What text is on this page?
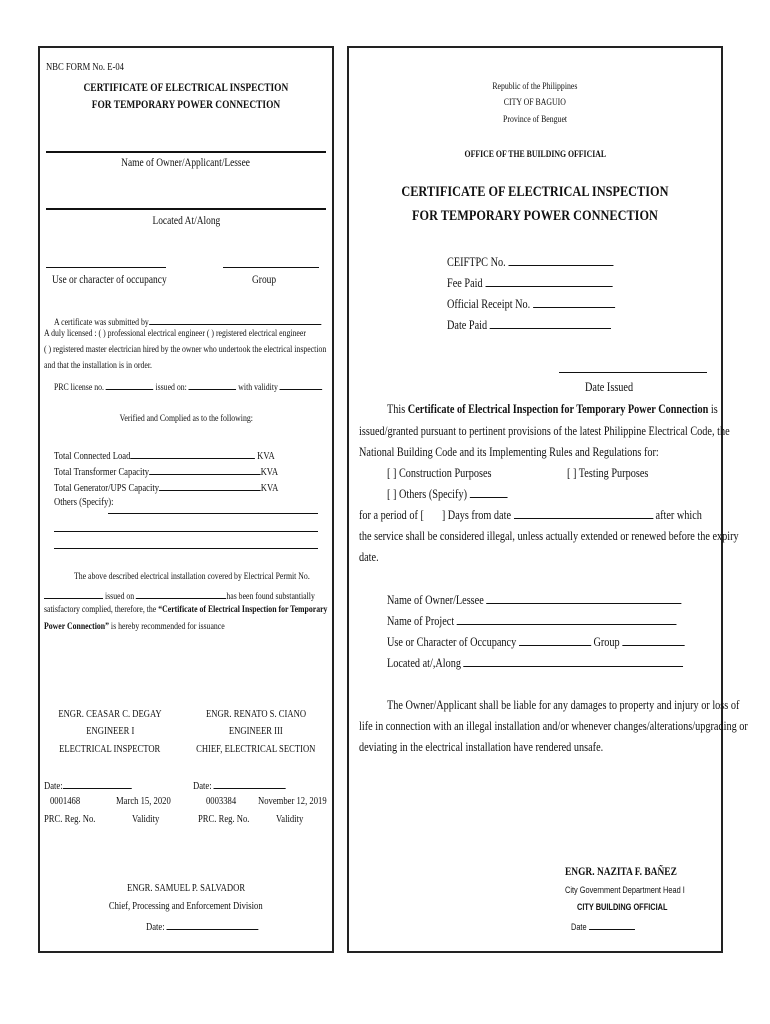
NBC FORM No. E-04
CERTIFICATE OF ELECTRICAL INSPECTION
FOR TEMPORARY POWER CONNECTION
Name of Owner/Applicant/Lessee
Located At/Along
Use or character of occupancy	Group
A certificate was submitted by
A duly licensed : ( ) professional electrical engineer ( ) registered electrical engineer
( ) registered master electrician hired by the owner who undertook the electrical inspection
and that the installation is in order.
PRC license no.	issued on:	with validity
Verified and Complied as to the following:
Total Connected Load	KVA
Total Transformer Capacity	KVA
Total Generator/UPS Capacity	KVA
Others (Specify):
The above described electrical installation covered by Electrical Permit No.
issued on	has been found substantially
satisfactory complied, therefore, the “Certificate of Electrical Inspection for Temporary
Power Connection” is hereby recommended for issuance
ENGR. CEASAR C. DEGAY
ENGINEER I
ELECTRICAL INSPECTOR
ENGR. RENATO S. CIANO
ENGINEER III
CHIEF, ELECTRICAL SECTION
Date:	Date:
0001468	March 15, 2020	0003384	November 12, 2019
PRC. Reg. No.	Validity	PRC. Reg. No.	Validity
ENGR. SAMUEL P. SALVADOR
Chief, Processing and Enforcement Division
Date:
Republic of the Philippines
CITY OF BAGUIO
Province of Benguet
OFFICE OF THE BUILDING OFFICIAL
CERTIFICATE OF ELECTRICAL INSPECTION
FOR TEMPORARY POWER CONNECTION
CEIFTPC No.
Fee Paid
Official Receipt No.
Date Paid
Date Issued
This Certificate of Electrical Inspection for Temporary Power Connection is
issued/granted pursuant to pertinent provisions of the latest Philippine Electrical Code, the
National Building Code and its Implementing Rules and Regulations for:
[ ] Construction Purposes	[ ] Testing Purposes
[ ] Others (Specify)
for a period of [ ] Days from date	after which
the service shall be considered illegal, unless actually extended or renewed before the expiry
date.
Name of Owner/Lessee
Name of Project
Use or Character of Occupancy	Group
Located at/,Along
The Owner/Applicant shall be liable for any damages to property and injury or loss of
life in connection with an illegal installation and/or whenever changes/alterations/upgrading or
deviating in the electrical installation have rendered unsafe.
ENGR. NAZITA F. BAÑEZ
City Government Department Head I
CITY BUILDING OFFICIAL
Date
